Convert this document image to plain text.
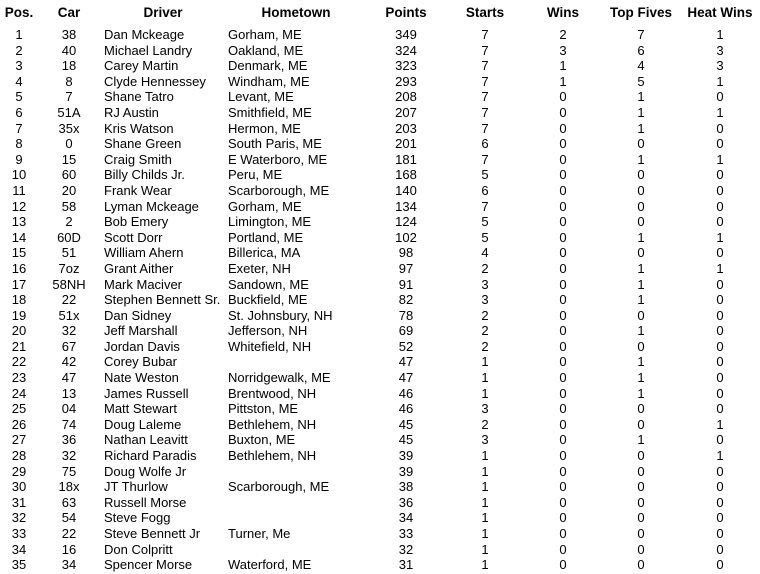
Pos.	Car	Driver	Hometown	Points	Starts	Wins	Top Fives	Heat Wins
1	38	Dan Mckeage	Gorham, ME	349	7	2	7	1
2	40	Michael Landry	Oakland, ME	324	7	3	6	3
3	18	Carey Martin	Denmark, ME	323	7	1	4	3
4	8	Clyde Hennessey	Windham, ME	293	7	1	5	1
5	7	Shane Tatro	Levant, ME	208	7	0	1	0
6	51A	RJ Austin	Smithfield, ME	207	7	0	1	1
7	35x	Kris Watson	Hermon, ME	203	7	0	1	0
8	0	Shane Green	South Paris, ME	201	6	0	0	0
9	15	Craig Smith	E Waterboro, ME	181	7	0	1	1
10	60	Billy Childs Jr.	Peru, ME	168	5	0	0	0
11	20	Frank Wear	Scarborough, ME	140	6	0	0	0
12	58	Lyman Mckeage	Gorham, ME	134	7	0	0	0
13	2	Bob Emery	Limington, ME	124	5	0	0	0
14	60D	Scott Dorr	Portland, ME	102	5	0	1	1
15	51	William Ahern	Billerica, MA	98	4	0	0	0
16	7oz	Grant Aither	Exeter, NH	97	2	0	1	1
17	58NH	Mark Maciver	Sandown, ME	91	3	0	1	0
18	22	Stephen Bennett Sr.	Buckfield, ME	82	3	0	1	0
19	51x	Dan Sidney	St. Johnsbury, NH	78	2	0	0	0
20	32	Jeff Marshall	Jefferson, NH	69	2	0	1	0
21	67	Jordan Davis	Whitefield, NH	52	2	0	0	0
22	42	Corey Bubar		47	1	0	1	0
23	47	Nate Weston	Norridgewalk, ME	47	1	0	1	0
24	13	James Russell	Brentwood, NH	46	1	0	1	0
25	04	Matt Stewart	Pittston, ME	46	3	0	0	0
26	74	Doug Laleme	Bethlehem, NH	45	2	0	0	1
27	36	Nathan Leavitt	Buxton, ME	45	3	0	1	0
28	32	Richard Paradis	Bethlehem, NH	39	1	0	0	1
29	75	Doug Wolfe Jr		39	1	0	0	0
30	18x	JT Thurlow	Scarborough, ME	38	1	0	0	0
31	63	Russell Morse		36	1	0	0	0
32	54	Steve Fogg		34	1	0	0	0
33	22	Steve Bennett Jr	Turner, Me	33	1	0	0	0
34	16	Don Colpritt		32	1	0	0	0
35	34	Spencer Morse	Waterford, ME	31	1	0	0	0
